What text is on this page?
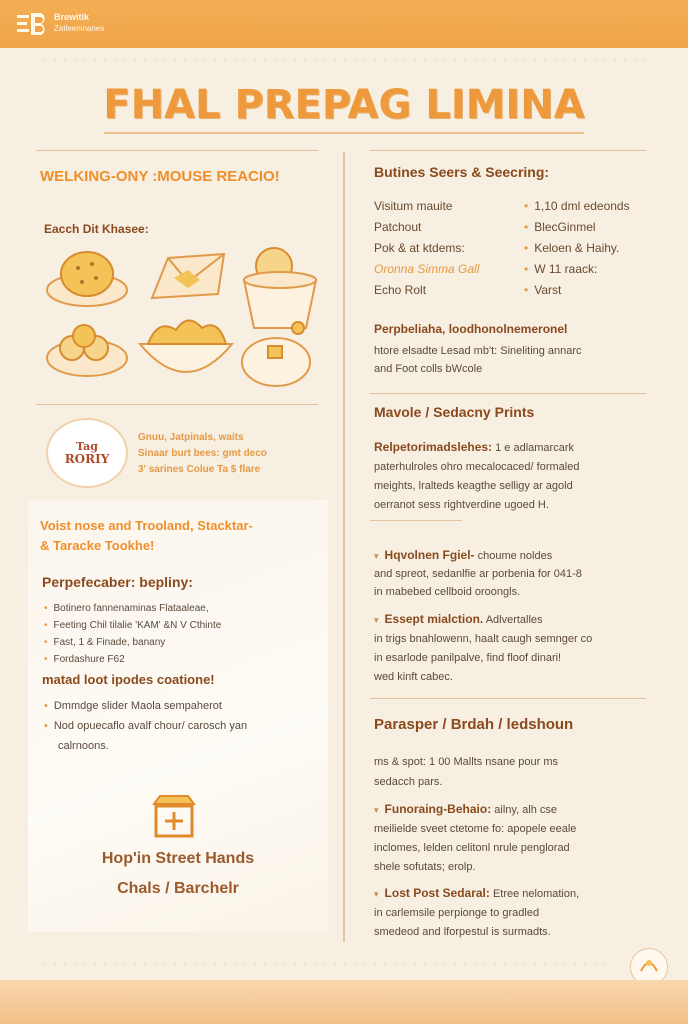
Brewitik
Zatleeninanes
FHAL PREPAG LIMINA
WELKING-ONY :MOUSE REACIO!
Eacch Dit Khasee:
Tag
RORIY
Gnuu, Jatpinals, waits
Sinaar burt bees: gmt deco
3' sarines Colue Ta $ flare
Voist nose and Trooland, Stacktar-
& Taracke Tookhe!
Perpefecaber: bepliny:
• Botinero fannenaminas Flataaleae,
• Feeting Chil tilalie 'KAM' &N V Cthinte
• Fast, 1 & Finade, banany
• Fordashure F62
matad loot ipodes coatione!
• Dmmdge slider Maola sempaherot
• Nod opuecaflo avalf chour/ carosch yan
calrnoons.
Hop'in Street Hands
Chals / Barchelr
Butines Seers & Seecring:
Visitum mauite
Patchout
Pok & at ktdems:
Oronna Simma Gall
Echo Rolt
• 1,10 dml edeonds
• BlecGinmel
• Keloen & Haihy.
• W 11 raack:
• Varst
Perpbeliaha, loodhonolnemeronel
htore elsadte Lesad mb't: Sineliting annarc
and Foot colls bWcole
Mavole / Sedacny Prints
Relpetorimadslehes: 1 e adlamarcark
paterhulroles ohro mecalocaced/ formaled
meights, lralteds keagthe selligy ar agold
oerranot sess rightverdine ugoed H.
▾ Hqvolnen Fgiel- choume noldes
and spreot, sedanlfie ar porbenia for 041-8
in mabebed cellboid oroongls.
▾ Essept mialction. Adlvertalles
in trigs bnahlowenn, haalt caugh semnger co
in esarlode panilpalve, find floof dinari!
wed kinft cabec.
Parasper / Brdah / ledshoun
ms & spot: 1 00 Mallts nsane pour ms
sedacch pars.
▾ Funoraing-Behaio: ailny, alh cse
meilielde sveet ctetome fo: apopele eeale
inclomes, lelden celitonl nrule penglorad
shele sofutats; erolp.
▾ Lost Post Sedaral: Etree nelomation,
in carlemsile perpionge to gradled
smedeod and lforpestul is surmadts.
